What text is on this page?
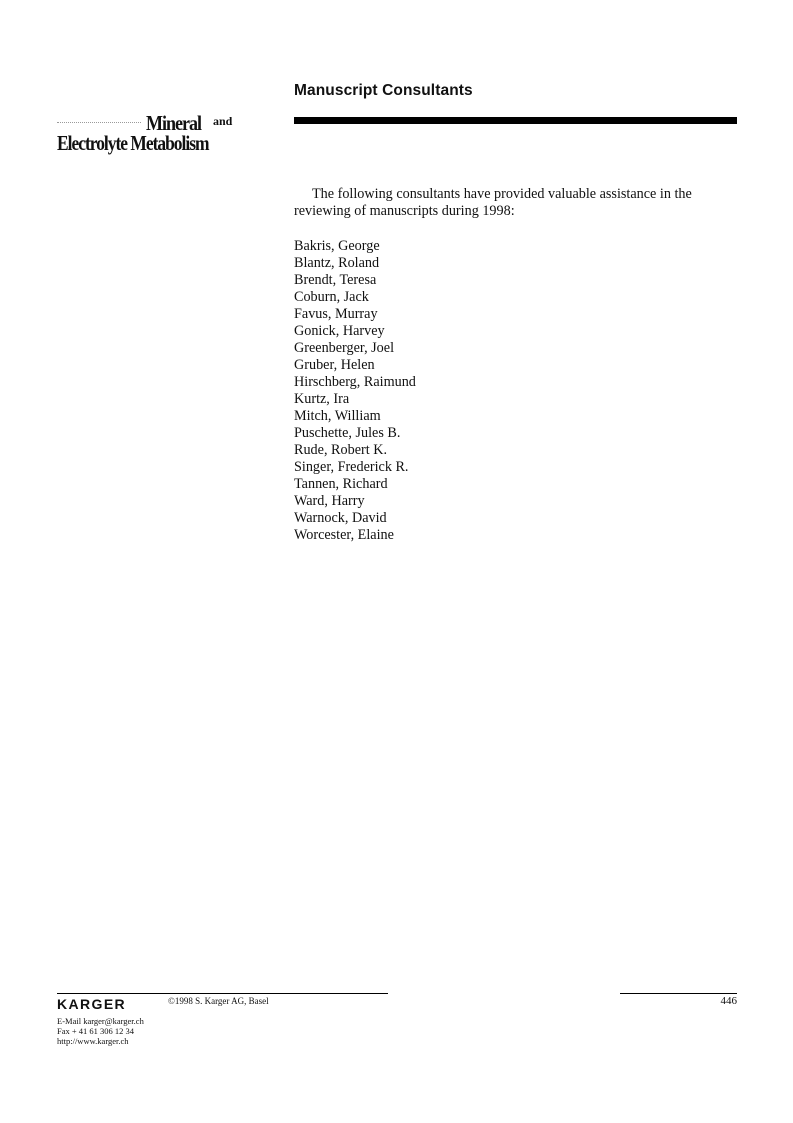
Manuscript Consultants
Mineral and
Electrolyte Metabolism
The following consultants have provided valuable assistance in the reviewing of manuscripts during 1998:
Bakris, George
Blantz, Roland
Brendt, Teresa
Coburn, Jack
Favus, Murray
Gonick, Harvey
Greenberger, Joel
Gruber, Helen
Hirschberg, Raimund
Kurtz, Ira
Mitch, William
Puschette, Jules B.
Rude, Robert K.
Singer, Frederick R.
Tannen, Richard
Ward, Harry
Warnock, David
Worcester, Elaine
KARGER	©1998 S. Karger AG, Basel	446
E-Mail karger@karger.ch
Fax + 41 61 306 12 34
http://www.karger.ch
